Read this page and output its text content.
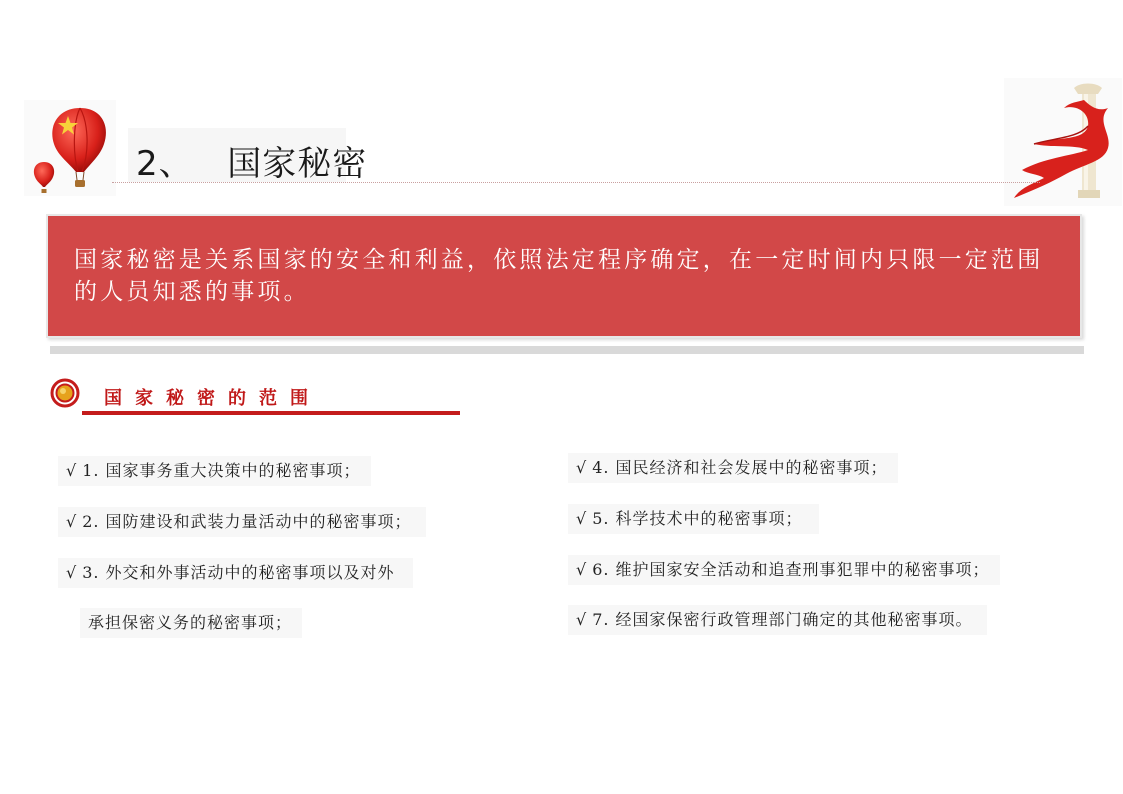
2、 国家秘密
国家秘密是关系国家的安全和利益，依照法定程序确定，在一定时间内只限一定范围的人员知悉的事项。
国家秘密的范围
√ 1. 国家事务重大决策中的秘密事项；
√ 2. 国防建设和武装力量活动中的秘密事项；
√ 3. 外交和外事活动中的秘密事项以及对外
承担保密义务的秘密事项；
√ 4. 国民经济和社会发展中的秘密事项；
√ 5. 科学技术中的秘密事项；
√ 6. 维护国家安全活动和追查刑事犯罪中的秘密事项；
√ 7. 经国家保密行政管理部门确定的其他秘密事项。
